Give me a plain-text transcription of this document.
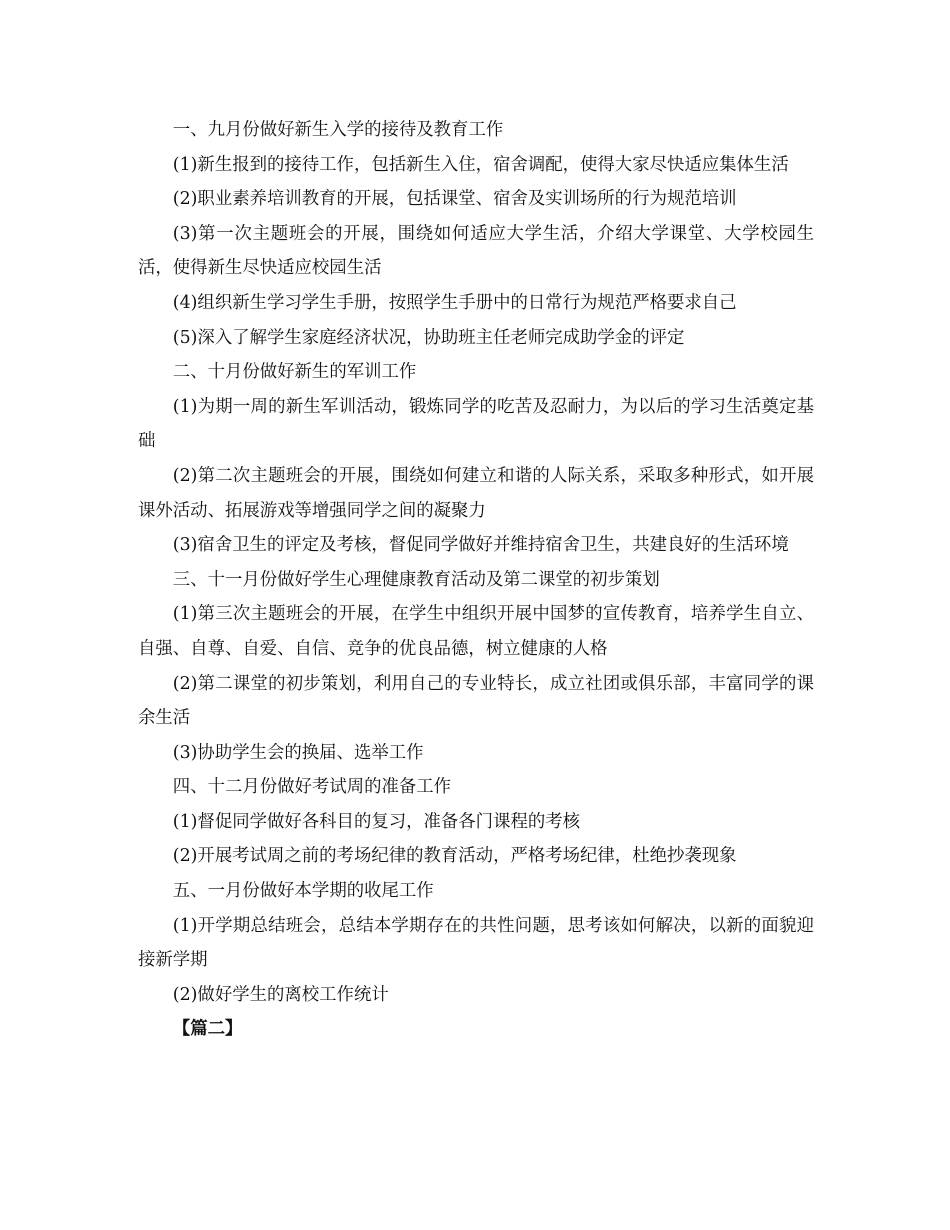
一、九月份做好新生入学的接待及教育工作

(1)新生报到的接待工作，包括新生入住，宿舍调配，使得大家尽快适应集体生活

(2)职业素养培训教育的开展，包括课堂、宿舍及实训场所的行为规范培训

(3)第一次主题班会的开展，围绕如何适应大学生活，介绍大学课堂、大学校园生活，使得新生尽快适应校园生活

(4)组织新生学习学生手册，按照学生手册中的日常行为规范严格要求自己

(5)深入了解学生家庭经济状况，协助班主任老师完成助学金的评定

二、十月份做好新生的军训工作

(1)为期一周的新生军训活动，锻炼同学的吃苦及忍耐力，为以后的学习生活奠定基础

(2)第二次主题班会的开展，围绕如何建立和谐的人际关系，采取多种形式，如开展课外活动、拓展游戏等增强同学之间的凝聚力

(3)宿舍卫生的评定及考核，督促同学做好并维持宿舍卫生，共建良好的生活环境

三、十一月份做好学生心理健康教育活动及第二课堂的初步策划

(1)第三次主题班会的开展，在学生中组织开展中国梦的宣传教育，培养学生自立、自强、自尊、自爱、自信、竞争的优良品德，树立健康的人格

(2)第二课堂的初步策划，利用自己的专业特长，成立社团或俱乐部，丰富同学的课余生活

(3)协助学生会的换届、选举工作

四、十二月份做好考试周的准备工作

(1)督促同学做好各科目的复习，准备各门课程的考核

(2)开展考试周之前的考场纪律的教育活动，严格考场纪律，杜绝抄袭现象

五、一月份做好本学期的收尾工作

(1)开学期总结班会，总结本学期存在的共性问题，思考该如何解决，以新的面貌迎接新学期

(2)做好学生的离校工作统计

【篇二】
